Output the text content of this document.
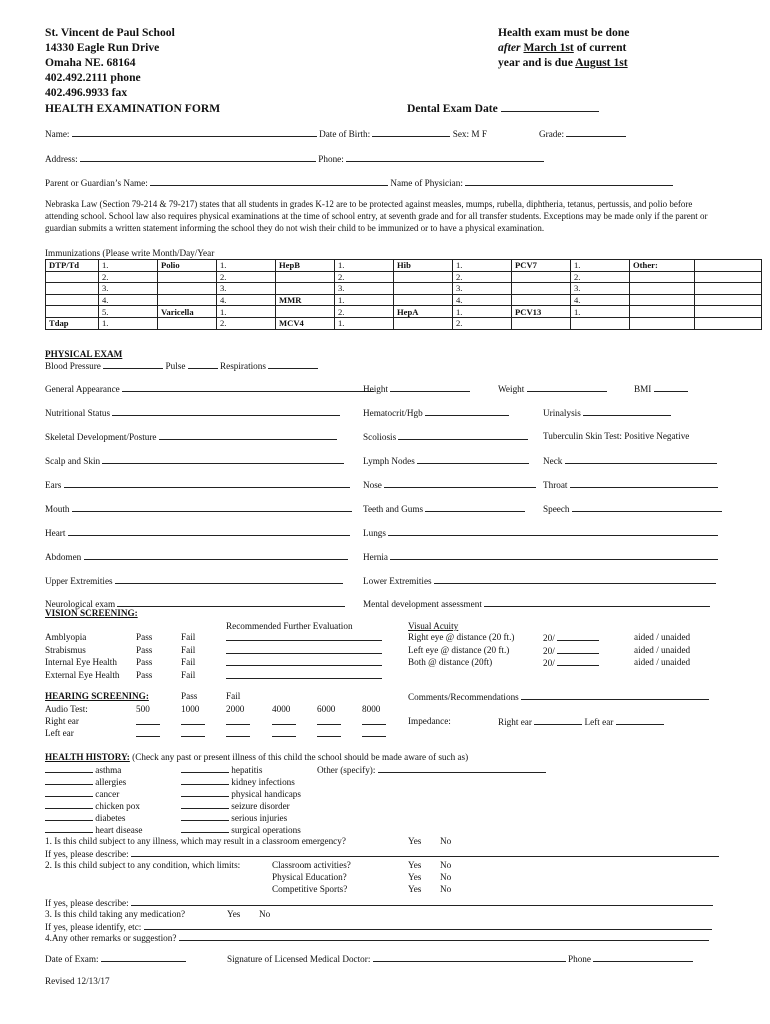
St. Vincent de Paul School
14330 Eagle Run Drive
Omaha NE. 68164
402.492.2111 phone
402.496.9933 fax
HEALTH EXAMINATION FORM
Health exam must be done
after March 1st of current
year and is due August 1st
Dental Exam Date
Name:	Date of Birth:	Sex: M F	Grade:
Address:	Phone:
Parent or Guardian’s Name:	Name of Physician:
Nebraska Law (Section 79-214 & 79-217) states that all students in grades K-12 are to be protected against measles, mumps, rubella, diphtheria, tetanus, pertussis, and polio before attending school. School law also requires physical examinations at the time of school entry, at seventh grade and for all transfer students. Exceptions may be made only if the parent or guardian submits a written statement informing the school they do not wish their child to be immunized or to have a physical examination.
Immunizations (Please write Month/Day/Year
DTP/Td	1.	Polio	1.	HepB	1.	Hib	1.	PCV7	1.	Other:	
	2.		2.		2.		2.		2.		
	3.		3.		3.		3.		3.		
	4.		4.	MMR	1.		4.		4.		
	5.	Varicella	1.		2.	HepA	1.	PCV13	1.		
Tdap	1.		2.	MCV4	1.		2.				
PHYSICAL EXAM
Blood Pressure	Pulse	Respirations
VISION SCREENING:
Recommended Further Evaluation	Visual Acuity
HEALTH HISTORY: (Check any past or present illness of this child the school should be made aware of such as)
Date of Exam:	Signature of Licensed Medical Doctor:	Phone
Revised 12/13/17
General Appearance	Height	Weight	BMI
Nutritional Status	Hematocrit/Hgb	Urinalysis
Skeletal Development/Posture	Scoliosis	Tuberculin Skin Test: Positive Negative
Scalp and Skin	Lymph Nodes	Neck
Ears	Nose	Throat
Mouth	Teeth and Gums	Speech
Heart	Lungs
Abdomen	Hernia
Upper Extremities	Lower Extremities
Neurological exam	Mental development assessment
Amblyopia	Pass	Fail
Strabismus	Pass	Fail
Internal Eye Health Pass	Fail
External Eye Health Pass	Fail
Right eye @ distance (20 ft.)	20/	aided / unaided
Left eye @ distance (20 ft.)	20/	aided / unaided
Both @ distance (20ft)	20/	aided / unaided
HEARING SCREENING:	Pass	Fail
Audio Test:	500	1000	2000	4000	6000	8000
Right ear
Left ear
Comments/Recommendations
Impedance:	Right ear	Left ear
asthma
allergies
cancer
chicken pox
diabetes
heart disease
hepatitis
kidney infections
physical handicaps
seizure disorder
serious injuries
surgical operations
Other (specify):
1. Is this child subject to any illness, which may result in a classroom emergency?	Yes No
If yes, please describe:
2. Is this child subject to any condition, which limits:	Classroom activities?	Yes No
Physical Education?	Yes No
Competitive Sports?	Yes No
If yes, please describe:
3. Is this child taking any medication?	Yes No
If yes, please identify, etc:
4.Any other remarks or suggestion?
